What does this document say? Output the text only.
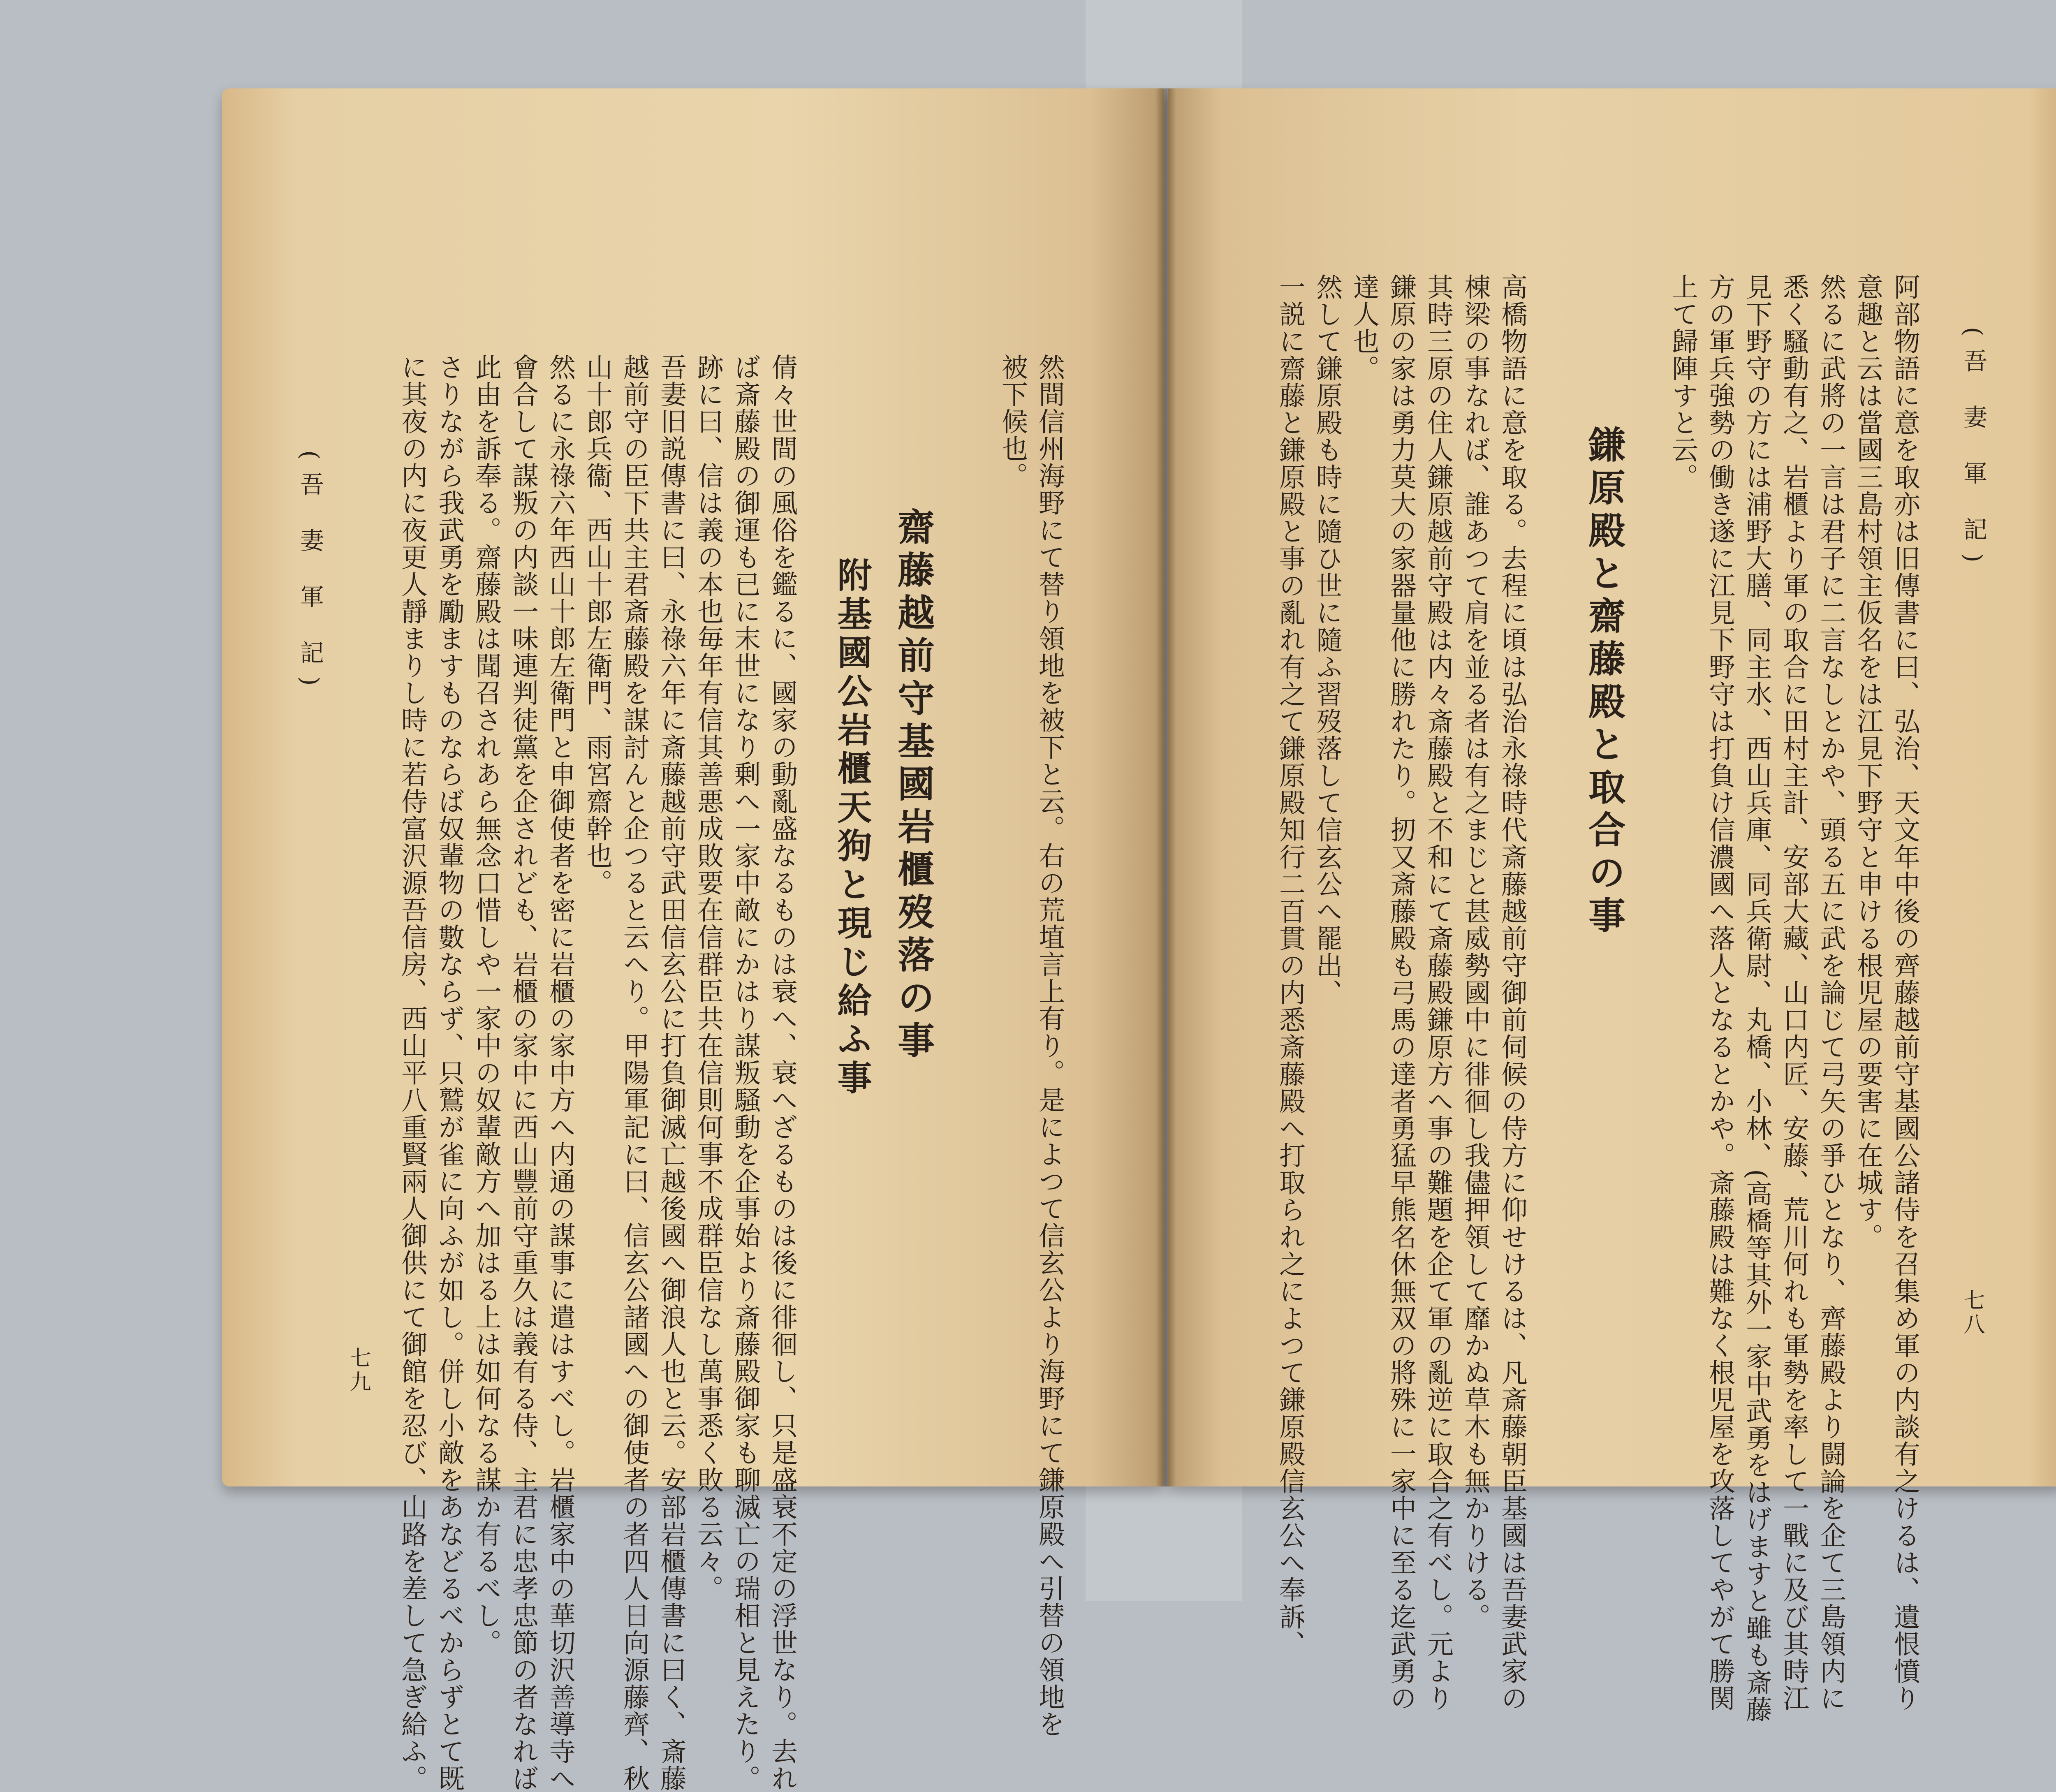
(吾 妻 軍 記)
七九	然間信州海野にて替り領地を被下と云。右の荒埴言上有り。是によつて信玄公より海野にて鎌原殿へ引替の領地を
被下候也。
齋藤越前守基國岩櫃歿落の事
附基國公岩櫃天狗と現じ給ふ事
倩々世間の風俗を鑑るに、國家の動亂盛なるものは衰へ、衰へざるものは後に徘徊し、只是盛衰不定の浮世なり。去れ
ば斎藤殿の御運も已に末世になり剰へ一家中敵にかはり謀叛騒動を企事始より斎藤殿御家も聊滅亡の瑞相と見えたり。
跡に曰、信は義の本也毎年有信其善悪成敗要在信群臣共在信則何事不成群臣信なし萬事悉く敗る云々。
吾妻旧説傳書に曰、永祿六年に斎藤越前守武田信玄公に打負御滅亡越後國へ御浪人也と云。安部岩櫃傳書に曰く、斎藤
越前守の臣下共主君斎藤殿を謀討んと企つると云へり。甲陽軍記に曰、信玄公諸國への御使者の者四人日向源藤齊、秋
山十郎兵衞、西山十郎左衛門、雨宮齋幹也。
然るに永祿六年西山十郎左衛門と申御使者を密に岩櫃の家中方へ内通の謀事に遣はすべし。岩櫃家中の華切沢善導寺へ
會合して謀叛の内談一味連判徒黨を企されども、岩櫃の家中に西山豐前守重久は義有る侍、主君に忠孝忠節の者なれば
此由を訴奉る。齋藤殿は聞召されあら無念口惜しや一家中の奴輩敵方へ加はる上は如何なる謀か有るべし。
さりながら我武勇を勵ますものならば奴輩物の數ならず、只鷲が雀に向ふが如し。併し小敵をあなどるべからずとて既
に其夜の内に夜更人靜まりし時に若侍富沢源吾信房、西山平八重賢兩人御供にて御館を忍び、山路を差して急ぎ給ふ。	(吾 妻 軍 記)
七八
阿部物語に意を取亦は旧傳書に曰、弘治、天文年中後の齊藤越前守基國公諸侍を召集め軍の内談有之けるは、遺恨憤り
意趣と云は當國三島村領主仮名をは江見下野守と申ける根児屋の要害に在城す。
然るに武將の一言は君子に二言なしとかや、頭る五に武を論じて弓矢の爭ひとなり、齊藤殿より闘論を企て三島領内に
悉く騷動有之、岩櫃より軍の取合に田村主計、安部大藏、山口内匠、安藤、荒川何れも軍勢を率して一戰に及び其時江
見下野守の方には浦野大膳、同主水、西山兵庫、同兵衛尉、丸橋、小林、(高橋等其外一家中武勇をはげますと雖も斎藤
方の軍兵強勢の働き遂に江見下野守は打負け信濃國へ落人となるとかや。斎藤殿は難なく根児屋を攻落してやがて勝関
上て歸陣すと云。
鎌原殿と齋藤殿と取合の事
高橋物語に意を取る。去程に頃は弘治永祿時代斎藤越前守御前伺候の侍方に仰せけるは、凡斎藤朝臣基國は吾妻武家の
棟梁の事なれば、誰あつて肩を並る者は有之まじと甚威勢國中に徘徊し我儘押領して靡かぬ草木も無かりける。
其時三原の住人鎌原越前守殿は内々斎藤殿と不和にて斎藤殿鎌原方へ事の難題を企て軍の亂逆に取合之有べし。元より
鎌原の家は勇力莫大の家器量他に勝れたり。扨又斎藤殿も弓馬の達者勇猛早熊名休無双の將殊に一家中に至る迄武勇の
達人也。
然して鎌原殿も時に隨ひ世に隨ふ習歿落して信玄公へ罷出、
一説に齋藤と鎌原殿と事の亂れ有之て鎌原殿知行二百貫の内悉斎藤殿へ打取られ之によつて鎌原殿信玄公へ奉訴、
